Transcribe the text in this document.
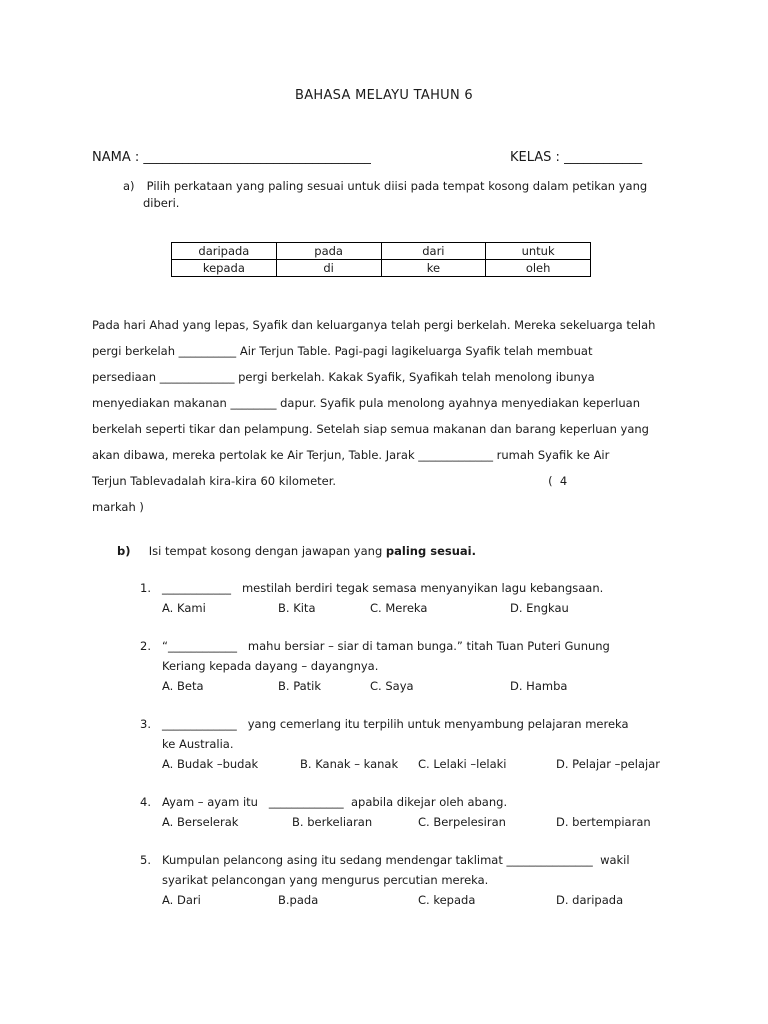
BAHASA MELAYU TAHUN 6
NAMA : ___________________________________	KELAS : ____________
a) Pilih perkataan yang paling sesuai untuk diisi pada tempat kosong dalam petikan yang
diberi.
daripada	pada	dari	untuk
kepada	di	ke	oleh

Pada hari Ahad yang lepas, Syafik dan keluarganya telah pergi berkelah. Mereka sekeluarga telah

pergi berkelah __________ Air Terjun Table. Pagi-pagi lagikeluarga Syafik telah membuat

persediaan _____________ pergi berkelah. Kakak Syafik, Syafikah telah menolong ibunya

menyediakan makanan ________ dapur. Syafik pula menolong ayahnya menyediakan keperluan

berkelah seperti tikar dan pelampung. Setelah siap semua makanan dan barang keperluan yang

akan dibawa, mereka pertolak ke Air Terjun, Table. Jarak _____________ rumah Syafik ke Air

Terjun Tablevadalah kira-kira 60 kilometer.                                                          (  4

markah )

b) Isi tempat kosong dengan jawapan yang paling sesuai.
1. ____________   mestilah berdiri tegak semasa menyanyikan lagu kebangsaan.
A. Kami	B. Kita	C. Mereka	D. Engkau
2. “____________   mahu bersiar – siar di taman bunga.” titah Tuan Puteri Gunung
Keriang kepada dayang – dayangnya.
A. Beta	B. Patik	C. Saya	D. Hamba
3. _____________   yang cemerlang itu terpilih untuk menyambung pelajaran mereka
ke Australia.
A. Budak –budak	B. Kanak – kanak C. Lelaki –lelaki	D. Pelajar –pelajar
4. Ayam – ayam itu   _____________  apabila dikejar oleh abang.
A. Berselerak	B. berkeliaran	C. Berpelesiran	D. bertempiaran
5. Kumpulan pelancong asing itu sedang mendengar taklimat _______________  wakil
syarikat pelancongan yang mengurus percutian mereka.
A. Dari	B.pada	C. kepada	D. daripada
